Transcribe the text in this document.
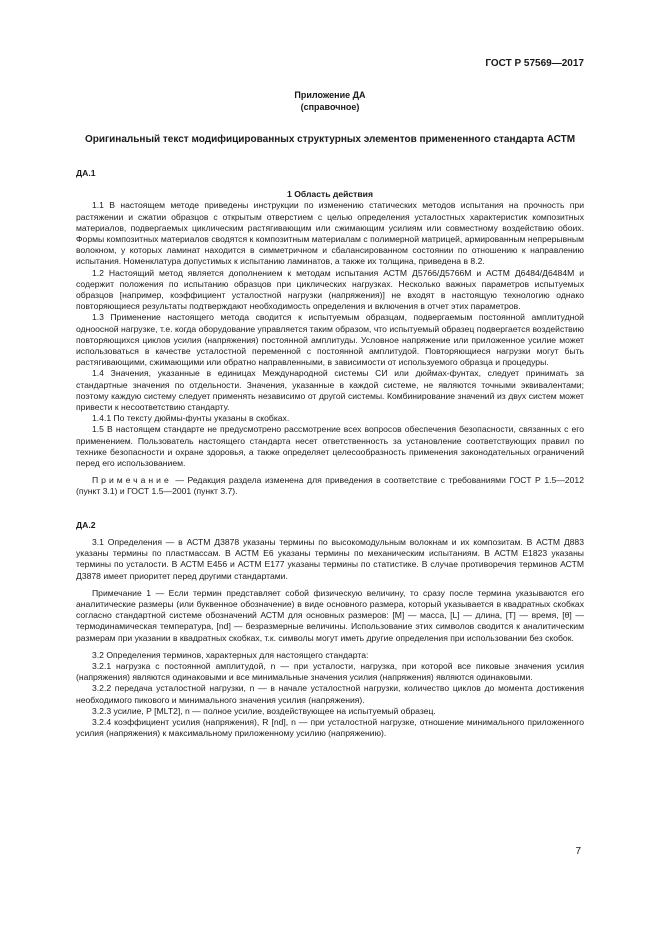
ГОСТ Р 57569—2017
Приложение ДА
(справочное)
Оригинальный текст модифицированных структурных элементов примененного стандарта АСТМ
ДА.1
1 Область действия

1.1 В настоящем методе приведены инструкции по изменению статических методов испытания на прочность при растяжении и сжатии образцов с открытым отверстием с целью определения усталостных характеристик композитных материалов, подвергаемых циклическим растягивающим или сжимающим усилиям или совместному воздействию обоих. Формы композитных материалов сводятся к композитным материалам с полимерной матрицей, армированным непрерывным волокном, у которых ламинат находится в симметричном и сбалансированном состоянии по отношению к направлению испытания. Номенклатура допустимых к испытанию ламинатов, а также их толщина, приведена в 8.2.

1.2 Настоящий метод является дополнением к методам испытания АСТМ Д5766/Д5766М и АСТМ Д6484/Д6484М и содержит положения по испытанию образцов при циклических нагрузках. Несколько важных параметров испытуемых образцов [например, коэффициент усталостной нагрузки (напряжения)] не входят в настоящую технологию однако повторяющиеся результаты подтверждают необходимость определения и включения в отчет этих параметров.

1.3 Применение настоящего метода сводится к испытуемым образцам, подвергаемым постоянной амплитудной одноосной нагрузке, т.е. когда оборудование управляется таким образом, что испытуемый образец подвергается воздействию повторяющихся циклов усилия (напряжения) постоянной амплитуды. Условное напряжение или приложенное усилие может использоваться в качестве усталостной переменной с постоянной амплитудой. Повторяющиеся нагрузки могут быть растягивающими, сжимающими или обратно направленными, в зависимости от используемого образца и процедуры.

1.4 Значения, указанные в единицах Международной системы СИ или дюймах-фунтах, следует принимать за стандартные значения по отдельности. Значения, указанные в каждой системе, не являются точными эквивалентами; поэтому каждую систему следует применять независимо от другой системы. Комбинирование значений из двух систем может привести к несоответствию стандарту.

1.4.1 По тексту дюймы-фунты указаны в скобках.

1.5 В настоящем стандарте не предусмотрено рассмотрение всех вопросов обеспечения безопасности, связанных с его применением. Пользователь настоящего стандарта несет ответственность за установление соответствующих правил по технике безопасности и охране здоровья, а также определяет целесообразность применения законодательных ограничений перед его использованием.

Примечание — Редакция раздела изменена для приведения в соответствие с требованиями ГОСТ Р 1.5—2012 (пункт 3.1) и ГОСТ 1.5—2001 (пункт 3.7).

ДА.2

3.1 Определения — в АСТМ Д3878 указаны термины по высокомодульным волокнам и их композитам. В АСТМ Д883 указаны термины по пластмассам. В АСТМ Е6 указаны термины по механическим испытаниям. В АСТМ Е1823 указаны термины по усталости. В АСТМ Е456 и АСТМ Е177 указаны термины по статистике. В случае противоречия терминов АСТМ Д3878 имеет приоритет перед другими стандартами.

Примечание 1 — Если термин представляет собой физическую величину, то сразу после термина указываются его аналитические размеры (или буквенное обозначение) в виде основного размера, который указывается в квадратных скобках согласно стандартной системе обозначений АСТМ для основных размеров: [M] — масса, [L] — длина, [T] — время, [θ] — термодинамическая температура, [nd] — безразмерные величины. Использование этих символов сводится к аналитическим размерам при указании в квадратных скобках, т.к. символы могут иметь другие определения при использовании без скобок.

3.2 Определения терминов, характерных для настоящего стандарта:

3.2.1 нагрузка с постоянной амплитудой, n — при усталости, нагрузка, при которой все пиковые значения усилия (напряжения) являются одинаковыми и все минимальные значения усилия (напряжения) являются одинаковыми.

3.2.2 передача усталостной нагрузки, n — в начале усталостной нагрузки, количество циклов до момента достижения необходимого пикового и минимального значения усилия (напряжения).

3.2.3 усилие, P [MLT2], n — полное усилие, воздействующее на испытуемый образец.

3.2.4 коэффициент усилия (напряжения), R [nd], n — при усталостной нагрузке, отношение минимального приложенного усилия (напряжения) к максимальному приложенному усилию (напряжению).

7
